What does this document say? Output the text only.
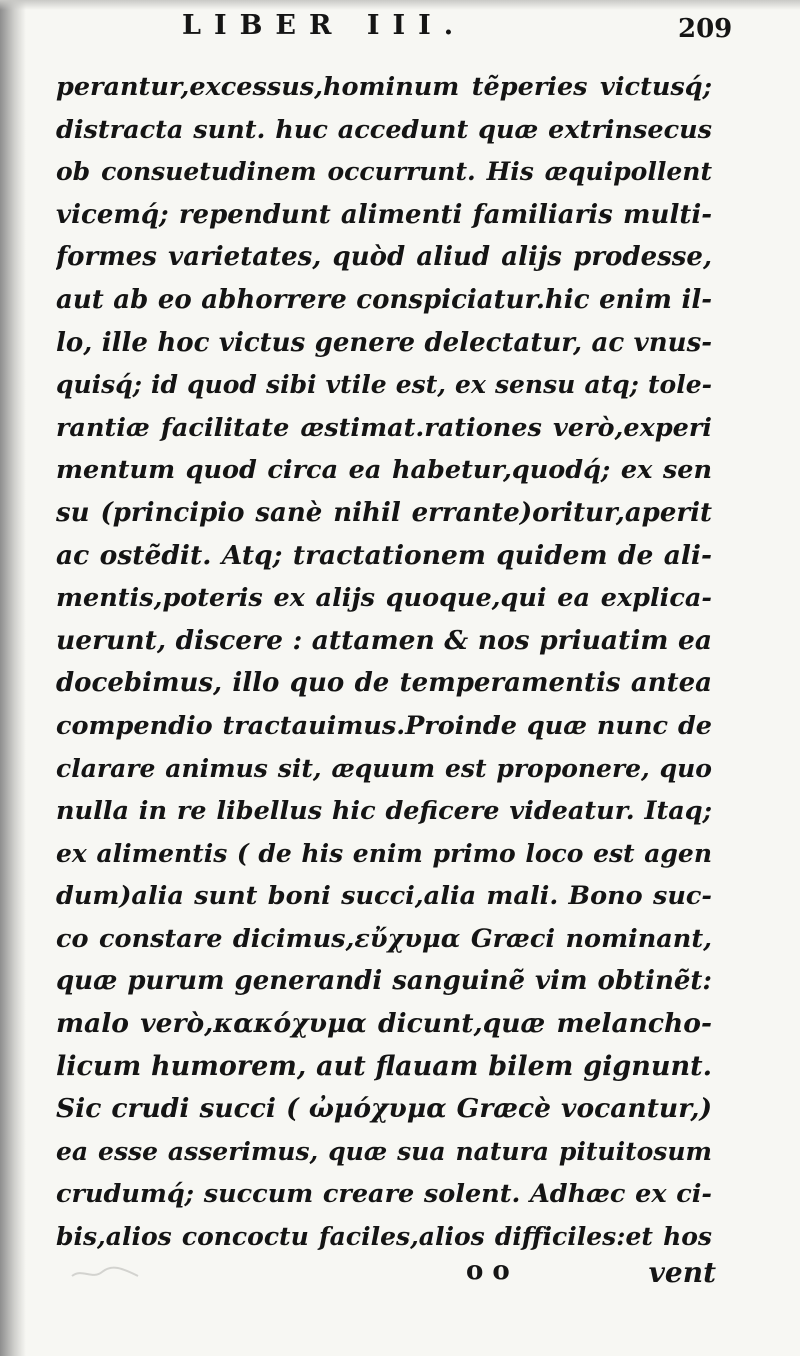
LIBER III.	209
perantur,excessus,hominum tẽperies victusq́;
distracta sunt. huc accedunt quæ extrinsecus
ob consuetudinem occurrunt. His æquipollent
vicemq́; rependunt alimenti familiaris multi-
formes varietates, quòd aliud alijs prodesse,
aut ab eo abhorrere conspiciatur.hic enim il-
lo, ille hoc victus genere delectatur, ac vnus-
quisq́; id quod sibi vtile est, ex sensu atq; tole-
rantiæ facilitate æstimat.rationes verò,experi
mentum quod circa ea habetur,quodq́; ex sen
su (principio sanè nihil errante)oritur,aperit
ac ostẽdit. Atq; tractationem quidem de ali-
mentis,poteris ex alijs quoque,qui ea explica-
uerunt, discere : attamen & nos priuatim ea
docebimus, illo quo de temperamentis antea
compendio tractauimus.Proinde quæ nunc de
clarare animus sit, æquum est proponere, quo
nulla in re libellus hic deficere videatur. Itaq;
ex alimentis ( de his enim primo loco est agen
dum)alia sunt boni succi,alia mali. Bono suc-
co constare dicimus,εὔχυμα Græci nominant,
quæ purum generandi sanguinẽ vim obtinẽt:
malo verò,κακόχυμα dicunt,quæ melancho-
licum humorem, aut flauam bilem gignunt.
Sic crudi succi ( ὠμόχυμα Græcè vocantur,)
ea esse asserimus, quæ sua natura pituitosum
crudumq́; succum creare solent. Adhæc ex ci-
bis,alios concoctu faciles,alios difficiles:et hos
o o	vent
